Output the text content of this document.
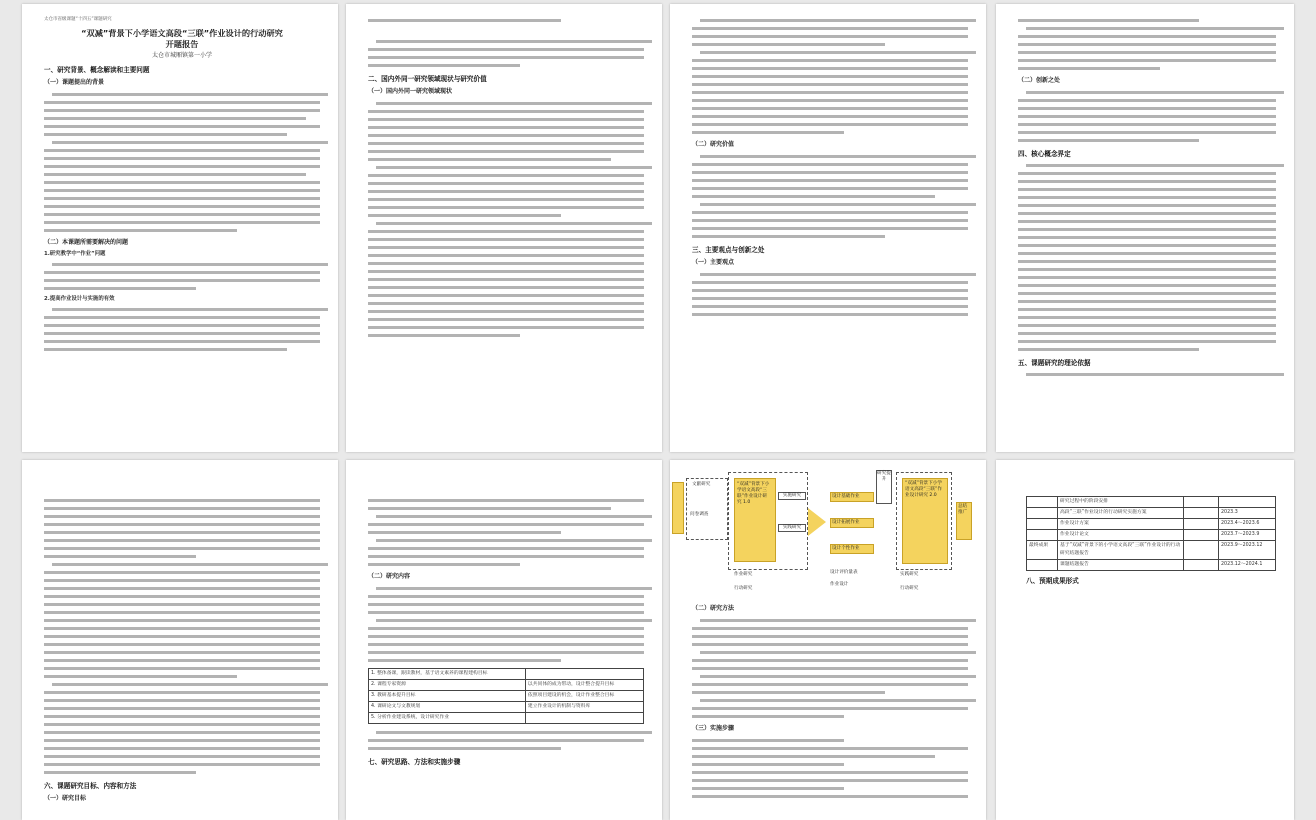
太仓市省级课题“十四五”课题研究
“双减”背景下小学语文高段“三联”作业设计的行动研究
开题报告
太仓市城厢镇第一小学
一、研究背景、概念解读和主要问题
（一）课题提出的背景
（二）本课题所需要解决的问题
1.研究教学中“作业”问题
2.提高作业设计与实施的有效
二、国内外同一研究领域现状与研究价值
（一）国内外同一研究领域现状
（二）研究价值
三、主要观点与创新之处
（一）主要观点
（二）创新之处
四、核心概念界定
五、课题研究的理论依据
六、课题研究目标、内容和方法
（一）研究目标
（二）研究内容
1. 整体备课，跟读教材，基于语文素养的课程建构目标	
2. 课程专家资源	以共同体的成为带动，设计整合提升目标
3. 教研基本提升目标	依照项目建设的机会，设计作业整合目标
4. 课研论文与文教规划	建立作业设计的机制与资料库
5. 分析作业建设系统，设计研究作业	
七、研究思路、方法和实施步骤
文献研究
问卷调查
“双减”背景下小学语文高段“三联”作业设计研究 1.0
实施研究
实践研究
设计基础作业
设计拓展作业
设计个性作业
研究提升
“双减”背景下小学语文高段“三联”作业设计研究 2.0
总结推广
作业研究	设计评价量表	实践研究
行动研究
作业设计
行动研究
（二）研究方法
（三）实施步骤
	研究过程中的阶段安排		
	高段“三联”作业设计的行动研究实施方案		2023.3
	作业设计方案		2023.4～2023.6
	作业设计论文		2023.7～2023.9
最终成果	基于“双减”背景下的小学语文高段“三联”作业设计的行动研究结题报告		2023.9～2023.12
	课题结题报告		2023.12～2024.1
八、预期成果形式
